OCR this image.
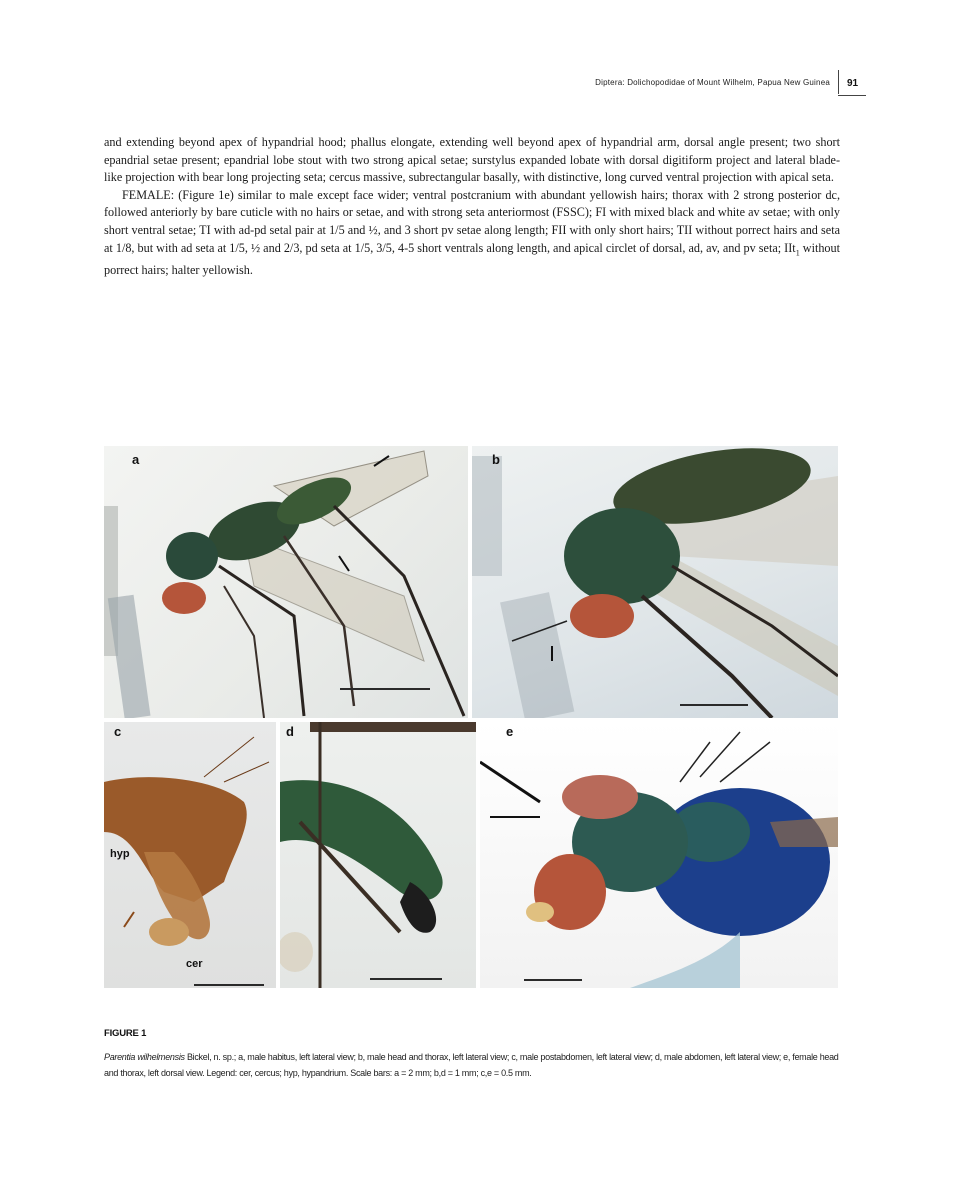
Diptera: Dolichopodidae of Mount Wilhelm, Papua New Guinea 91

and extending beyond apex of hypandrial hood; phallus elongate, extending well beyond apex of hypandrial arm, dorsal angle present; two short epandrial setae present; epandrial lobe stout with two strong apical setae; surstylus expanded lobate with dorsal digitiform project and lateral blade-like projection with bear long projecting seta; cercus massive, subrectangular basally, with distinctive, long curved ventral projection with apical seta.

FEMALE: (Figure 1e) similar to male except face wider; ventral postcranium with abundant yellowish hairs; thorax with 2 strong posterior dc, followed anteriorly by bare cuticle with no hairs or setae, and with strong seta anteriormost (FSSC); FI with mixed black and white av setae; with only short ventral setae; TI with ad-pd setal pair at 1/5 and ½, and 3 short pv setae along length; FII with only short hairs; TII without porrect hairs and seta at 1/8, but with ad seta at 1/5, ½ and 2/3, pd seta at 1/5, 3/5, 4-5 short ventrals along length, and apical circlet of dorsal, ad, av, and pv seta; IIt$_1$ without porrect hairs; halter yellowish.

a	b
c
hyp
cer
d	e
FIGURE 1
Parentia wilhelmensis Bickel, n. sp.; a, male habitus, left lateral view; b, male head and thorax, left lateral view; c, male postabdomen, left lateral view; d, male abdomen, left lateral view; e, female head and thorax, left dorsal view. Legend: cer, cercus; hyp, hypandrium. Scale bars: a = 2 mm; b,d = 1 mm; c,e = 0.5 mm.
